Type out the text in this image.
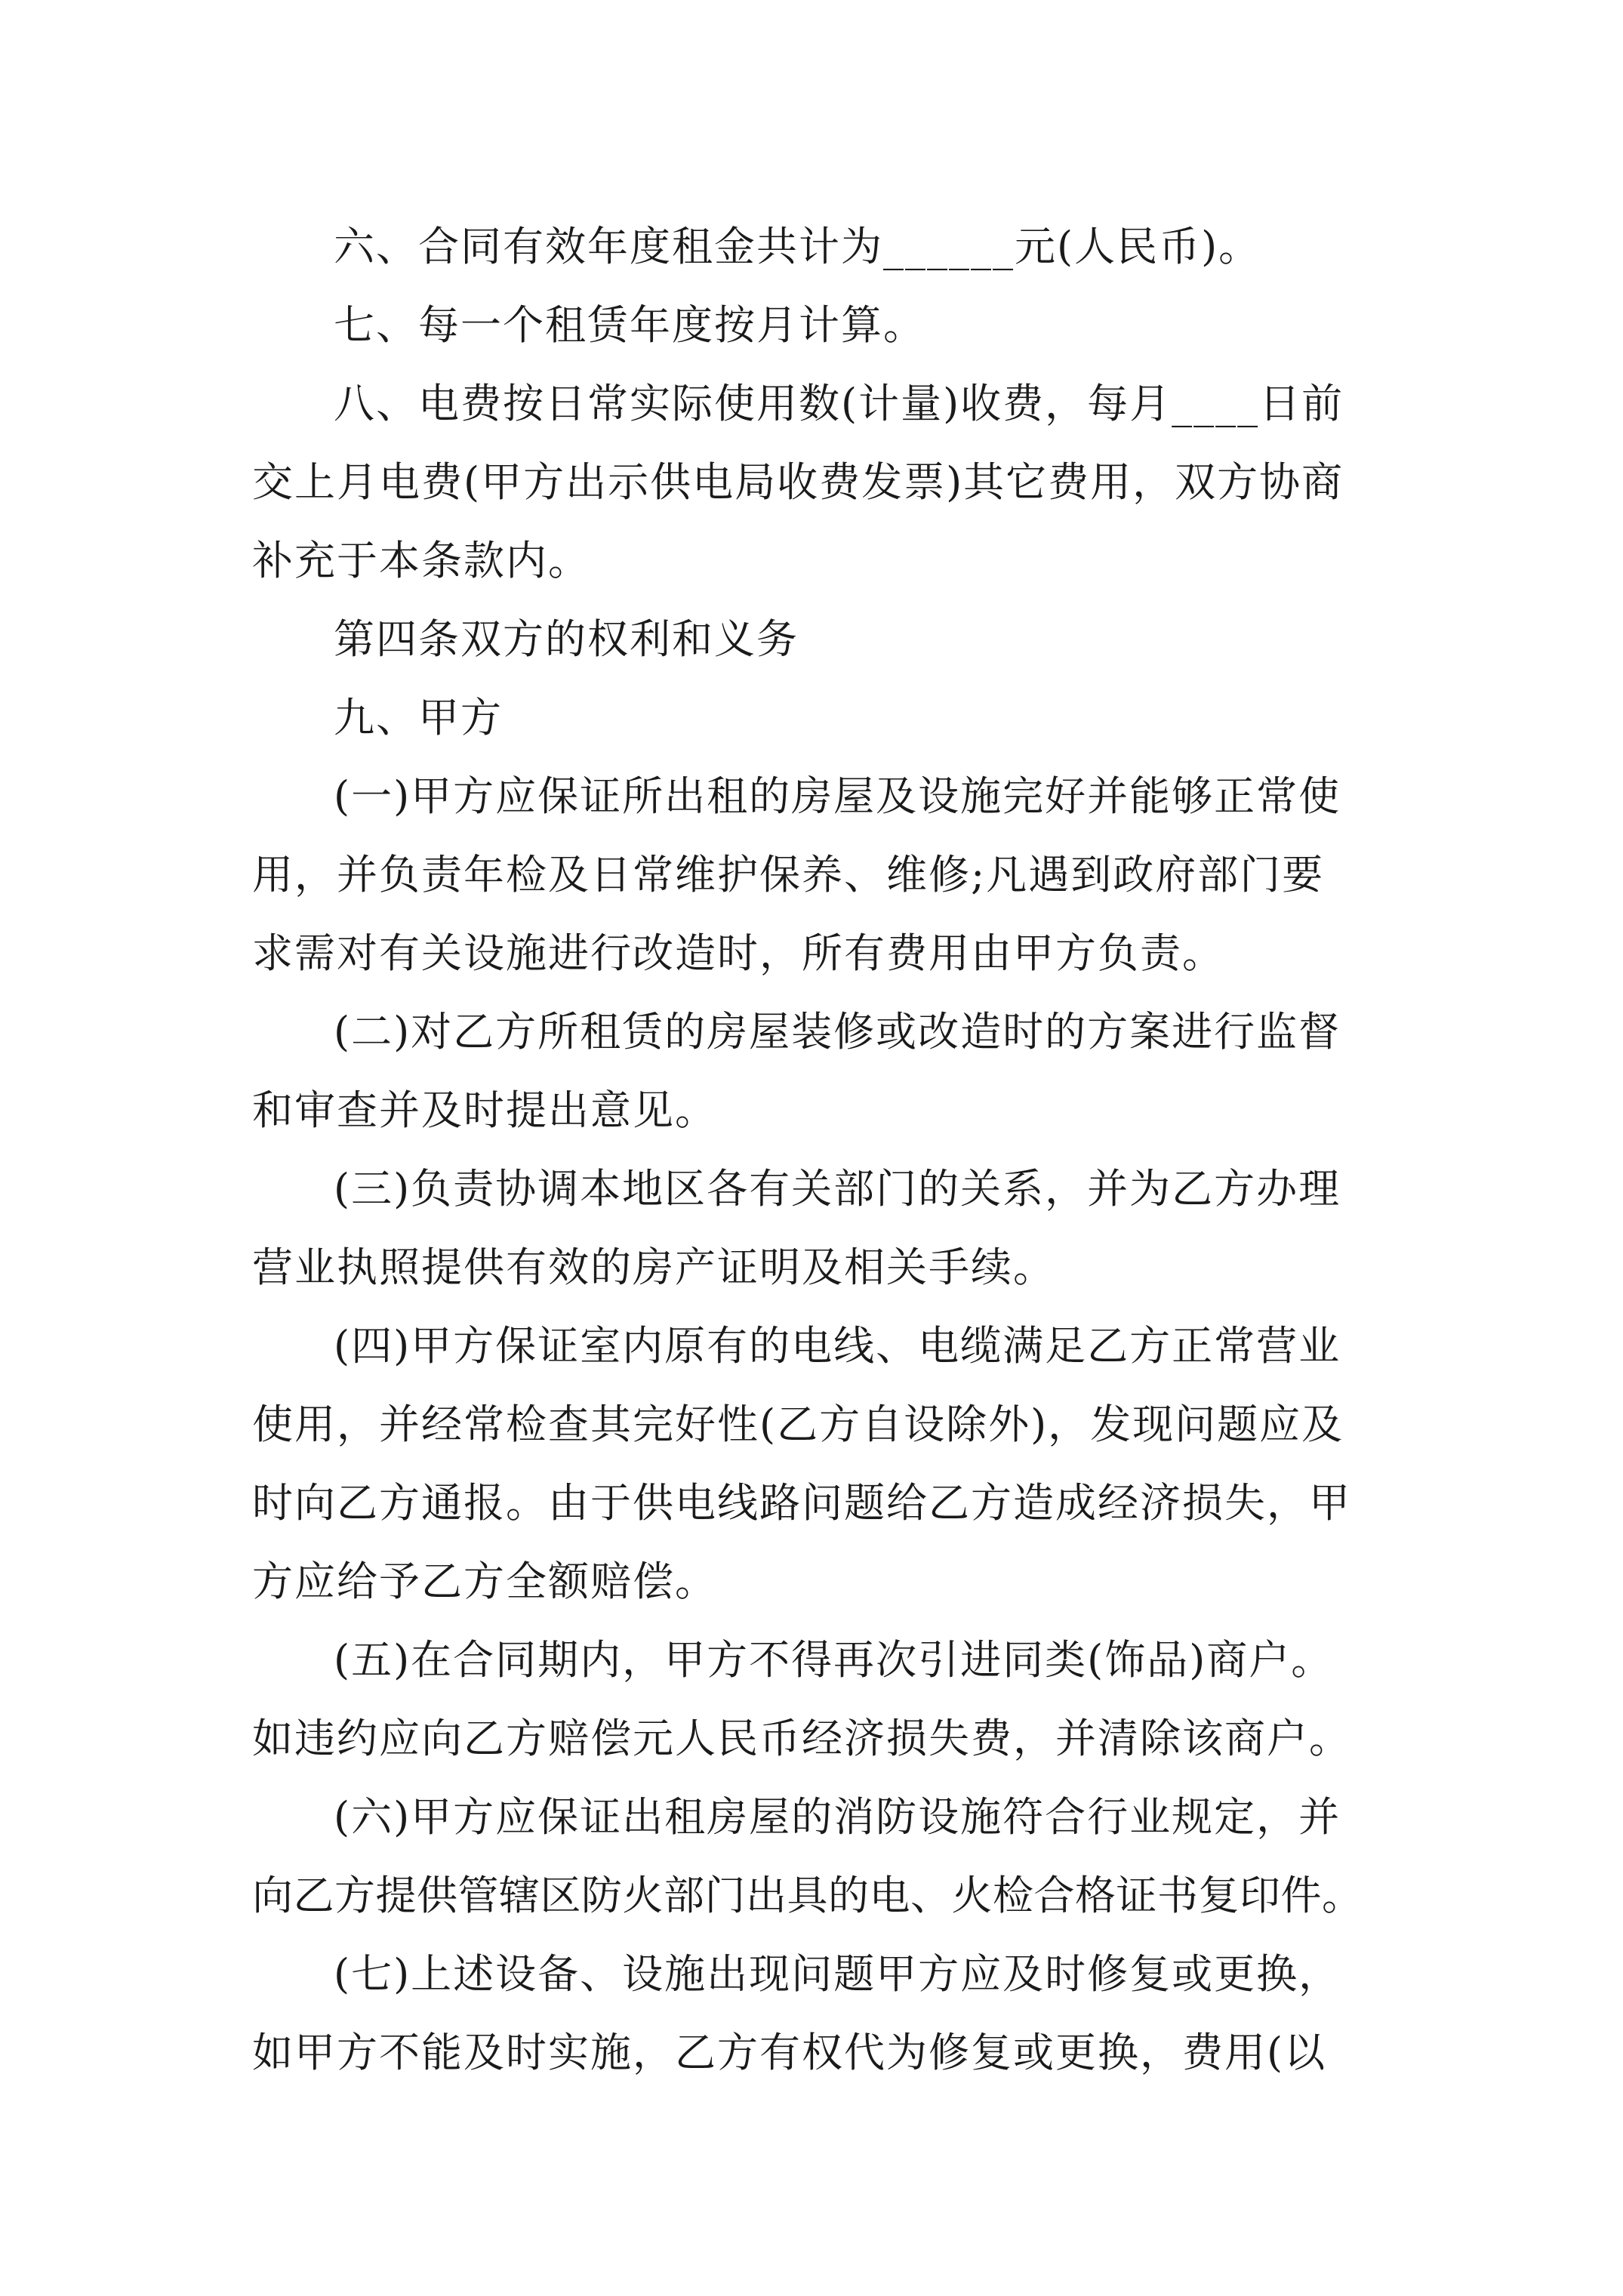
六、合同有效年度租金共计为______元(人民币)。
七、每一个租赁年度按月计算。
八、电费按日常实际使用数(计量)收费，每月____日前
交上月电费(甲方出示供电局收费发票)其它费用，双方协商
补充于本条款内。
第四条双方的权利和义务
九、甲方
(一)甲方应保证所出租的房屋及设施完好并能够正常使
用，并负责年检及日常维护保养、维修;凡遇到政府部门要
求需对有关设施进行改造时，所有费用由甲方负责。
(二)对乙方所租赁的房屋装修或改造时的方案进行监督
和审查并及时提出意见。
(三)负责协调本地区各有关部门的关系，并为乙方办理
营业执照提供有效的房产证明及相关手续。
(四)甲方保证室内原有的电线、电缆满足乙方正常营业
使用，并经常检查其完好性(乙方自设除外)，发现问题应及
时向乙方通报。由于供电线路问题给乙方造成经济损失，甲
方应给予乙方全额赔偿。
(五)在合同期内，甲方不得再次引进同类(饰品)商户。
如违约应向乙方赔偿元人民币经济损失费，并清除该商户。
(六)甲方应保证出租房屋的消防设施符合行业规定，并
向乙方提供管辖区防火部门出具的电、火检合格证书复印件。
(七)上述设备、设施出现问题甲方应及时修复或更换，
如甲方不能及时实施，乙方有权代为修复或更换，费用(以
